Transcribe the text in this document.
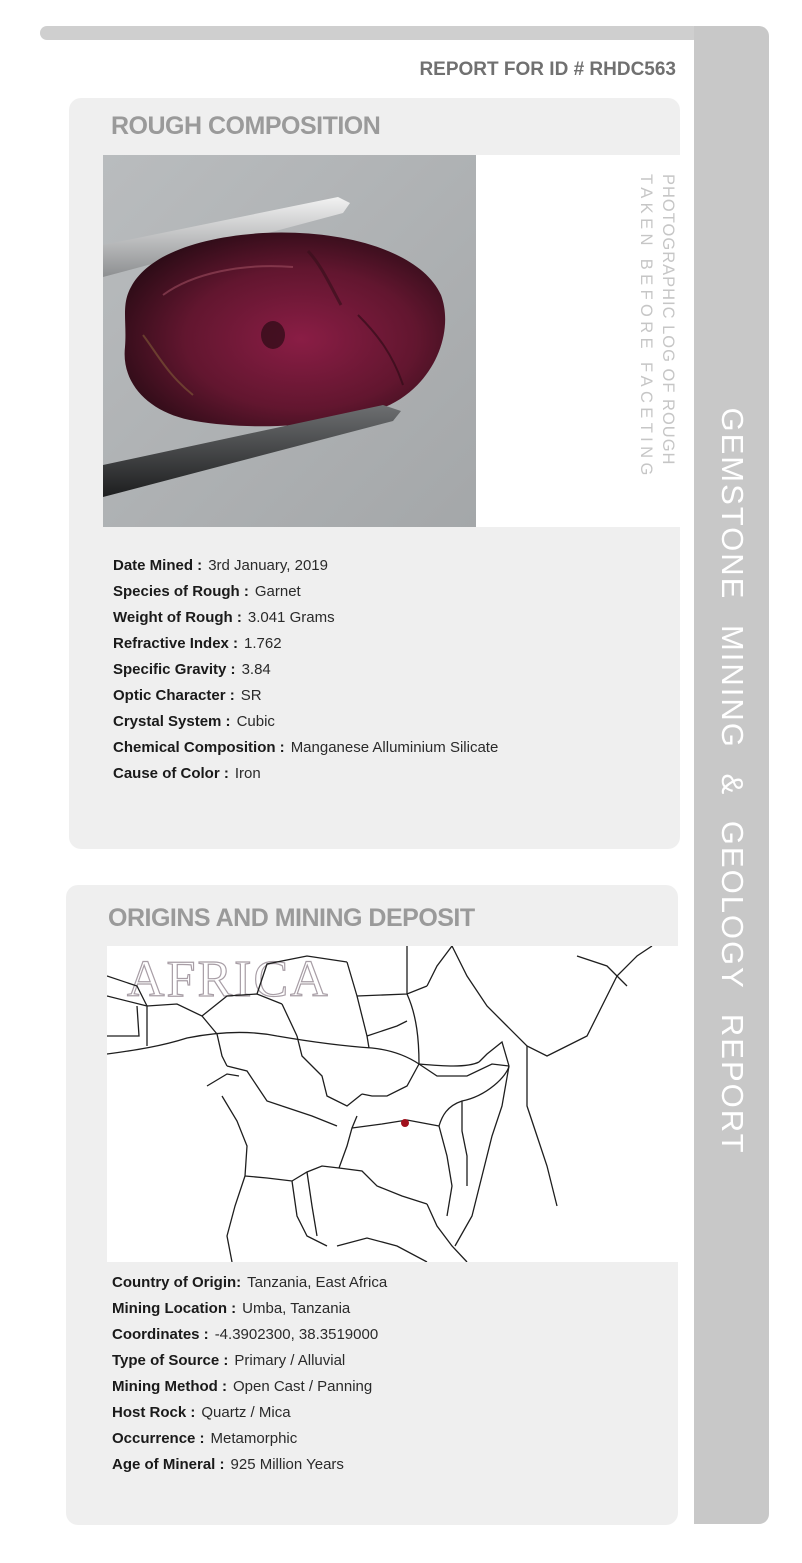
GEMSTONE MINING & GEOLOGY REPORT
REPORT FOR ID # RHDC563
ROUGH COMPOSITION
PHOTOGRAPHIC LOG OF ROUGH
TAKEN BEFORE FACETING
Date Mined : 3rd January, 2019
Species of Rough : Garnet
Weight of Rough : 3.041 Grams
Refractive Index : 1.762
Specific Gravity : 3.84
Optic Character : SR
Crystal System : Cubic
Chemical Composition : Manganese Alluminium Silicate
Cause of Color : Iron
ORIGINS AND MINING DEPOSIT
AFRICA
Country of Origin: Tanzania, East Africa
Mining Location : Umba, Tanzania
Coordinates : -4.3902300, 38.3519000
Type of Source : Primary / Alluvial
Mining Method : Open Cast / Panning
Host Rock : Quartz / Mica
Occurrence : Metamorphic
Age of Mineral : 925 Million Years
